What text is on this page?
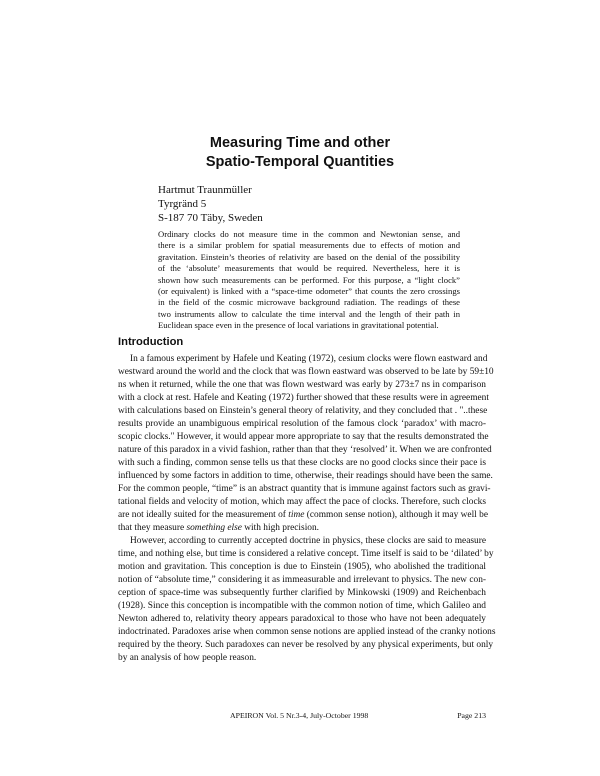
Measuring Time and other
Spatio-Temporal Quantities
Hartmut Traunmüller
Tyrgränd 5
S-187 70 Täby, Sweden
Ordinary clocks do not measure time in the common and Newtonian sense, and
there is a similar problem for spatial measurements due to effects of motion and
gravitation. Einstein’s theories of relativity are based on the denial of the possibility
of the ‘absolute’ measurements that would be required. Nevertheless, here it is
shown how such measurements can be performed. For this purpose, a “light clock”
(or equivalent) is linked with a “space-time odometer” that counts the zero crossings
in the field of the cosmic microwave background radiation. The readings of these
two instruments allow to calculate the time interval and the length of their path in
Euclidean space even in the presence of local variations in gravitational potential.
Introduction
In a famous experiment by Hafele und Keating (1972), cesium clocks were flown eastward and
westward around the world and the clock that was flown eastward was observed to be late by 59±10
ns when it returned, while the one that was flown westward was early by 273±7 ns in comparison
with a clock at rest. Hafele and Keating (1972) further showed that these results were in agreement
with calculations based on Einstein’s general theory of relativity, and they concluded that . "..these
results provide an unambiguous empirical resolution of the famous clock ‘paradox’ with macro-
scopic clocks." However, it would appear more appropriate to say that the results demonstrated the
nature of this paradox in a vivid fashion, rather than that they ‘resolved’ it. When we are confronted
with such a finding, common sense tells us that these clocks are no good clocks since their pace is
influenced by some factors in addition to time, otherwise, their readings should have been the same.
For the common people, “time” is an abstract quantity that is immune against factors such as gravi-
tational fields and velocity of motion, which may affect the pace of clocks. Therefore, such clocks
are not ideally suited for the measurement of time (common sense notion), although it may well be
that they measure something else with high precision.
However, according to currently accepted doctrine in physics, these clocks are said to measure
time, and nothing else, but time is considered a relative concept. Time itself is said to be ‘dilated’ by
motion and gravitation. This conception is due to Einstein (1905), who abolished the traditional
notion of “absolute time,” considering it as immeasurable and irrelevant to physics. The new con-
ception of space-time was subsequently further clarified by Minkowski (1909) and Reichenbach
(1928). Since this conception is incompatible with the common notion of time, which Galileo and
Newton adhered to, relativity theory appears paradoxical to those who have not been adequately
indoctrinated. Paradoxes arise when common sense notions are applied instead of the cranky notions
required by the theory. Such paradoxes can never be resolved by any physical experiments, but only
by an analysis of how people reason.
APEIRON Vol. 5 Nr.3-4, July-October 1998	Page 213
